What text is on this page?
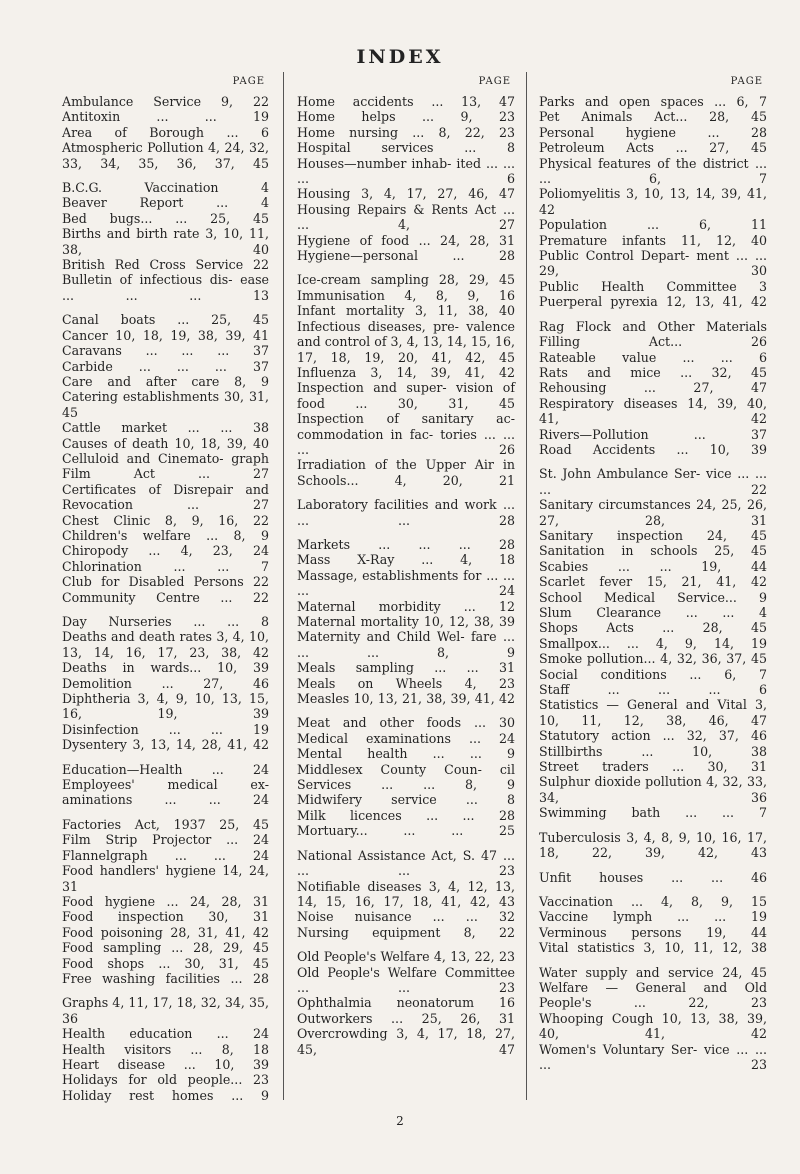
INDEX
PAGE
Ambulance Service 9, 22
Antitoxin ... ... 19
Area of Borough ... 6
Atmospheric Pollution 4, 24, 32, 33, 34, 35, 36, 37, 45
B.C.G. Vaccination 4
Beaver Report ... 4
Bed bugs... ... 25, 45
Births and birth rate 3, 10, 11, 38, 40
British Red Cross Service 22
Bulletin of infectious dis- ease ... ... ... 13
Canal boats ... 25, 45
Cancer 10, 18, 19, 38, 39, 41
Caravans ... ... ... 37
Carbide ... ... ... 37
Care and after care 8, 9
Catering establishments 30, 31, 45
Cattle market ... ... 38
Causes of death 10, 18, 39, 40
Celluloid and Cinemato- graph Film Act ... 27
Certificates of Disrepair and Revocation ... 27
Chest Clinic 8, 9, 16, 22
Children's welfare ... 8, 9
Chiropody ... 4, 23, 24
Chlorination ... ... 7
Club for Disabled Persons 22
Community Centre ... 22
Day Nurseries ... ... 8
Deaths and death rates 3, 4, 10, 13, 14, 16, 17, 23, 38, 42
Deaths in wards... 10, 39
Demolition ... 27, 46
Diphtheria 3, 4, 9, 10, 13, 15, 16, 19, 39
Disinfection ... ... 19
Dysentery 3, 13, 14, 28, 41, 42
Education—Health ... 24
Employees' medical ex- aminations ... ... 24
Factories Act, 1937 25, 45
Film Strip Projector ... 24
Flannelgraph ... ... 24
Food handlers' hygiene 14, 24, 31
Food hygiene ... 24, 28, 31
Food inspection 30, 31
Food poisoning 28, 31, 41, 42
Food sampling ... 28, 29, 45
Food shops ... 30, 31, 45
Free washing facilities ... 28
Graphs 4, 11, 17, 18, 32, 34, 35, 36
Health education ... 24
Health visitors ... 8, 18
Heart disease ... 10, 39
Holidays for old people... 23
Holiday rest homes ... 9
PAGE
Home accidents ... 13, 47
Home helps ... 9, 23
Home nursing ... 8, 22, 23
Hospital services ... 8
Houses—number inhab- ited ... ... ... 6
Housing 3, 4, 17, 27, 46, 47
Housing Repairs & Rents Act ... ... 4, 27
Hygiene of food ... 24, 28, 31
Hygiene—personal ... 28
Ice-cream sampling 28, 29, 45
Immunisation 4, 8, 9, 16
Infant mortality 3, 11, 38, 40
Infectious diseases, pre- valence and control of 3, 4, 13, 14, 15, 16, 17, 18, 19, 20, 41, 42, 45
Influenza 3, 14, 39, 41, 42
Inspection and super- vision of food ... 30, 31, 45
Inspection of sanitary ac- commodation in fac- tories ... ... ... 26
Irradiation of the Upper Air in Schools... 4, 20, 21
Laboratory facilities and work ... ... ... 28
Markets ... ... ... 28
Mass X-Ray ... 4, 18
Massage, establishments for ... ... ... 24
Maternal morbidity ... 12
Maternal mortality 10, 12, 38, 39
Maternity and Child Wel- fare ... ... ... 8, 9
Meals sampling ... ... 31
Meals on Wheels 4, 23
Measles 10, 13, 21, 38, 39, 41, 42
Meat and other foods ... 30
Medical examinations ... 24
Mental health ... ... 9
Middlesex County Coun- cil Services ... ... 8, 9
Midwifery service ... 8
Milk licences ... ... 28
Mortuary... ... ... 25
National Assistance Act, S. 47 ... ... ... 23
Notifiable diseases 3, 4, 12, 13, 14, 15, 16, 17, 18, 41, 42, 43
Noise nuisance ... ... 32
Nursing equipment 8, 22
Old People's Welfare 4, 13, 22, 23
Old People's Welfare Committee ... ... 23
Ophthalmia neonatorum 16
Outworkers ... 25, 26, 31
Overcrowding 3, 4, 17, 18, 27, 45, 47
PAGE
Parks and open spaces ... 6, 7
Pet Animals Act... 28, 45
Personal hygiene ... 28
Petroleum Acts ... 27, 45
Physical features of the district ... ... 6, 7
Poliomyelitis 3, 10, 13, 14, 39, 41, 42
Population ... 6, 11
Premature infants 11, 12, 40
Public Control Depart- ment ... ... 29, 30
Public Health Committee 3
Puerperal pyrexia 12, 13, 41, 42
Rag Flock and Other Materials Filling Act... 26
Rateable value ... ... 6
Rats and mice ... 32, 45
Rehousing ... 27, 47
Respiratory diseases 14, 39, 40, 41, 42
Rivers—Pollution ... 37
Road Accidents ... 10, 39
St. John Ambulance Ser- vice ... ... ... 22
Sanitary circumstances 24, 25, 26, 27, 28, 31
Sanitary inspection 24, 45
Sanitation in schools 25, 45
Scabies ... ... 19, 44
Scarlet fever 15, 21, 41, 42
School Medical Service... 9
Slum Clearance ... ... 4
Shops Acts ... 28, 45
Smallpox... ... 4, 9, 14, 19
Smoke pollution... 4, 32, 36, 37, 45
Social conditions ... 6, 7
Staff ... ... ... 6
Statistics — General and Vital 3, 10, 11, 12, 38, 46, 47
Statutory action ... 32, 37, 46
Stillbirths ... 10, 38
Street traders ... 30, 31
Sulphur dioxide pollution 4, 32, 33, 34, 36
Swimming bath ... ... 7
Tuberculosis 3, 4, 8, 9, 10, 16, 17, 18, 22, 39, 42, 43
Unfit houses ... ... 46
Vaccination ... 4, 8, 9, 15
Vaccine lymph ... ... 19
Verminous persons 19, 44
Vital statistics 3, 10, 11, 12, 38
Water supply and service 24, 45
Welfare — General and Old People's ... 22, 23
Whooping Cough 10, 13, 38, 39, 40, 41, 42
Women's Voluntary Ser- vice ... ... ... 23
2
